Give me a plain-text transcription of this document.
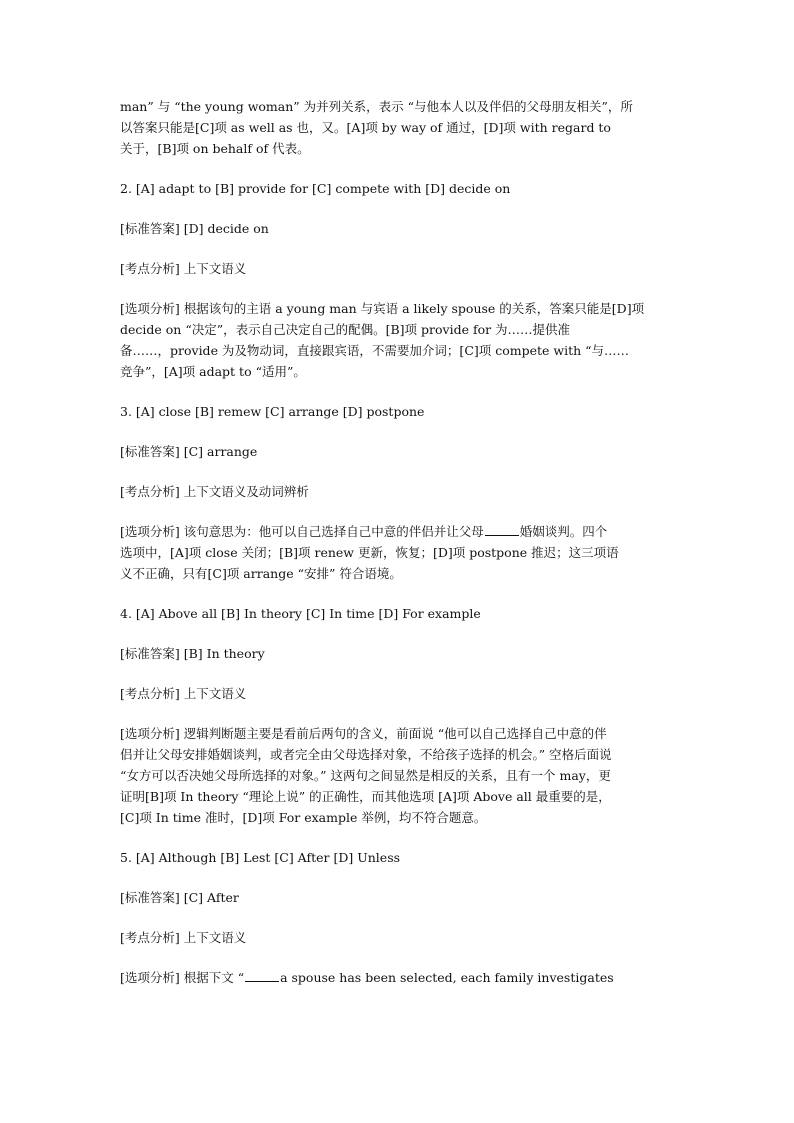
man” 与 “the young woman” 为并列关系，表示 “与他本人以及伴侣的父母朋友相关”，所

以答案只能是[C]项 as well as 也，又。[A]项 by way of 通过，[D]项 with regard to

关于，[B]项 on behalf of 代表。

2. [A] adapt to [B] provide for [C] compete with [D] decide on

[标准答案] [D] decide on

[考点分析] 上下文语义

[选项分析] 根据该句的主语 a young man 与宾语 a likely spouse 的关系，答案只能是[D]项

decide on “决定”，表示自己决定自己的配偶。[B]项 provide for 为……提供准

备……，provide 为及物动词，直接跟宾语，不需要加介词；[C]项 compete with “与……

竞争”，[A]项 adapt to “适用”。

3. [A] close [B] remew [C] arrange [D] postpone

[标准答案] [C] arrange

[考点分析] 上下文语义及动词辨析

[选项分析] 该句意思为：他可以自己选择自己中意的伴侣并让父母	婚姻谈判。四个

选项中，[A]项 close 关闭；[B]项 renew 更新，恢复；[D]项 postpone 推迟；这三项语

义不正确，只有[C]项 arrange “安排” 符合语境。

4. [A] Above all [B] In theory [C] In time [D] For example

[标准答案] [B] In theory

[考点分析] 上下文语义

[选项分析] 逻辑判断题主要是看前后两句的含义，前面说 “他可以自己选择自己中意的伴

侣并让父母安排婚姻谈判，或者完全由父母选择对象，不给孩子选择的机会。” 空格后面说

“女方可以否决她父母所选择的对象。” 这两句之间显然是相反的关系，且有一个 may，更

证明[B]项 In theory “理论上说” 的正确性，而其他选项 [A]项 Above all 最重要的是，

[C]项 In time 准时，[D]项 For example 举例，均不符合题意。

5. [A] Although [B] Lest [C] After [D] Unless

[标准答案] [C] After

[考点分析] 上下文语义

[选项分析] 根据下文 “	a spouse has been selected, each family investigates
